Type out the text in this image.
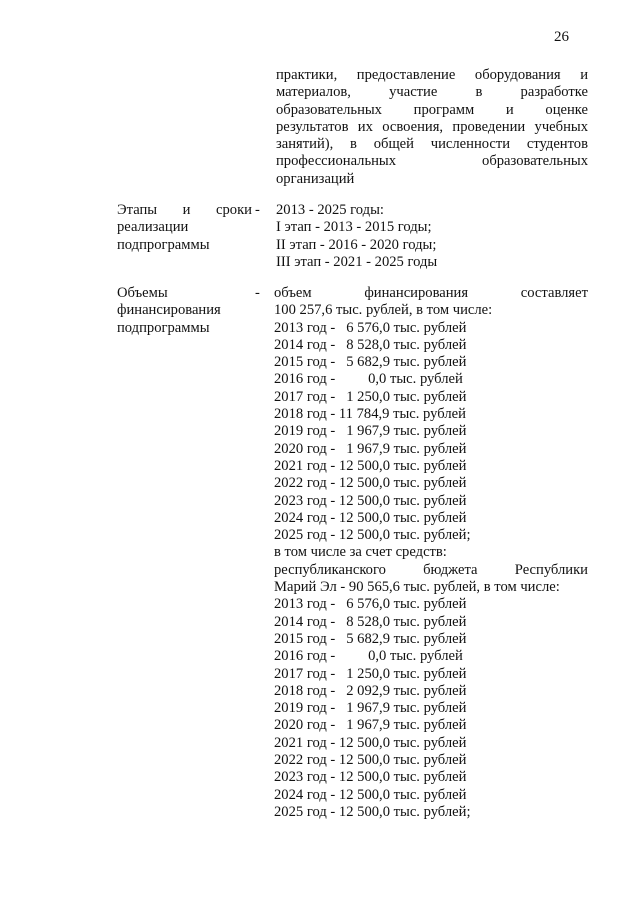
26
практики, предоставление оборудования и
материалов, участие в разработке
образовательных программ и оценке
результатов их освоения, проведении учебных
занятий), в общей численности студентов
профессиональных образовательных
организаций
Этапы и сроки
реализации
подпрограммы
- 2013 - 2025 годы:
I этап - 2013 - 2015 годы;
II этап - 2016 - 2020 годы;
III этап - 2021 - 2025 годы
Объемы
финансирования
подпрограммы
- объем финансирования составляет
100 257,6 тыс. рублей, в том числе:
2013 год -   6 576,0 тыс. рублей
2014 год -   8 528,0 тыс. рублей
2015 год -   5 682,9 тыс. рублей
2016 год -         0,0 тыс. рублей
2017 год -   1 250,0 тыс. рублей
2018 год - 11 784,9 тыс. рублей
2019 год -   1 967,9 тыс. рублей
2020 год -   1 967,9 тыс. рублей
2021 год - 12 500,0 тыс. рублей
2022 год - 12 500,0 тыс. рублей
2023 год - 12 500,0 тыс. рублей
2024 год - 12 500,0 тыс. рублей
2025 год - 12 500,0 тыс. рублей;
в том числе за счет средств:
республиканского бюджета Республики
Марий Эл - 90 565,6 тыс. рублей, в том числе:
2013 год -   6 576,0 тыс. рублей
2014 год -   8 528,0 тыс. рублей
2015 год -   5 682,9 тыс. рублей
2016 год -         0,0 тыс. рублей
2017 год -   1 250,0 тыс. рублей
2018 год -   2 092,9 тыс. рублей
2019 год -   1 967,9 тыс. рублей
2020 год -   1 967,9 тыс. рублей
2021 год - 12 500,0 тыс. рублей
2022 год - 12 500,0 тыс. рублей
2023 год - 12 500,0 тыс. рублей
2024 год - 12 500,0 тыс. рублей
2025 год - 12 500,0 тыс. рублей;
